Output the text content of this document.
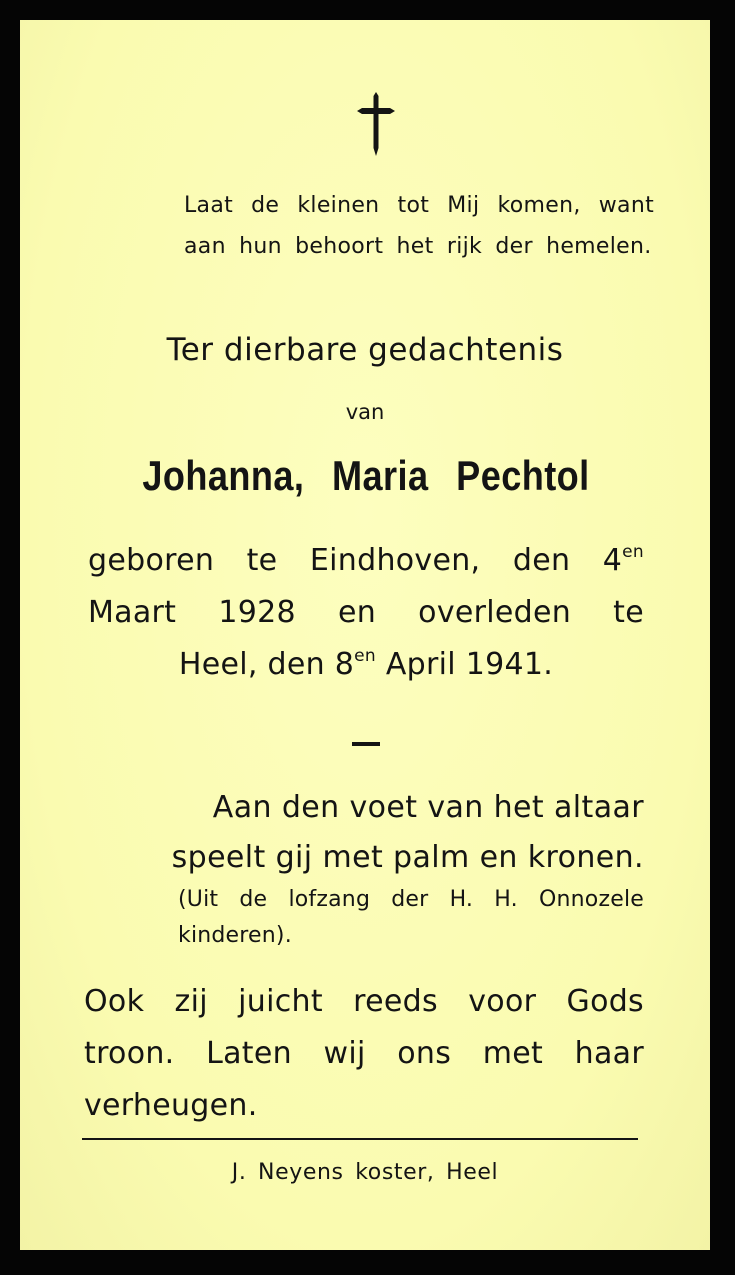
Laat de kleinen tot Mij komen, want aan hun behoort het rijk der hemelen.
Ter dierbare gedachtenis
van
Johanna, Maria Pechtol
geboren te Eindhoven, den $4^{en}$
Maart 1928 en overleden te
Heel, den $8^{en}$ April 1941.
Aan den voet van het altaar
speelt gij met palm en kronen.
(Uit de lofzang der H. H. Onnozele kinderen).
Ook zij juicht reeds voor Gods
troon. Laten wij ons met haar
verheugen.
J. Neyens koster, Heel
